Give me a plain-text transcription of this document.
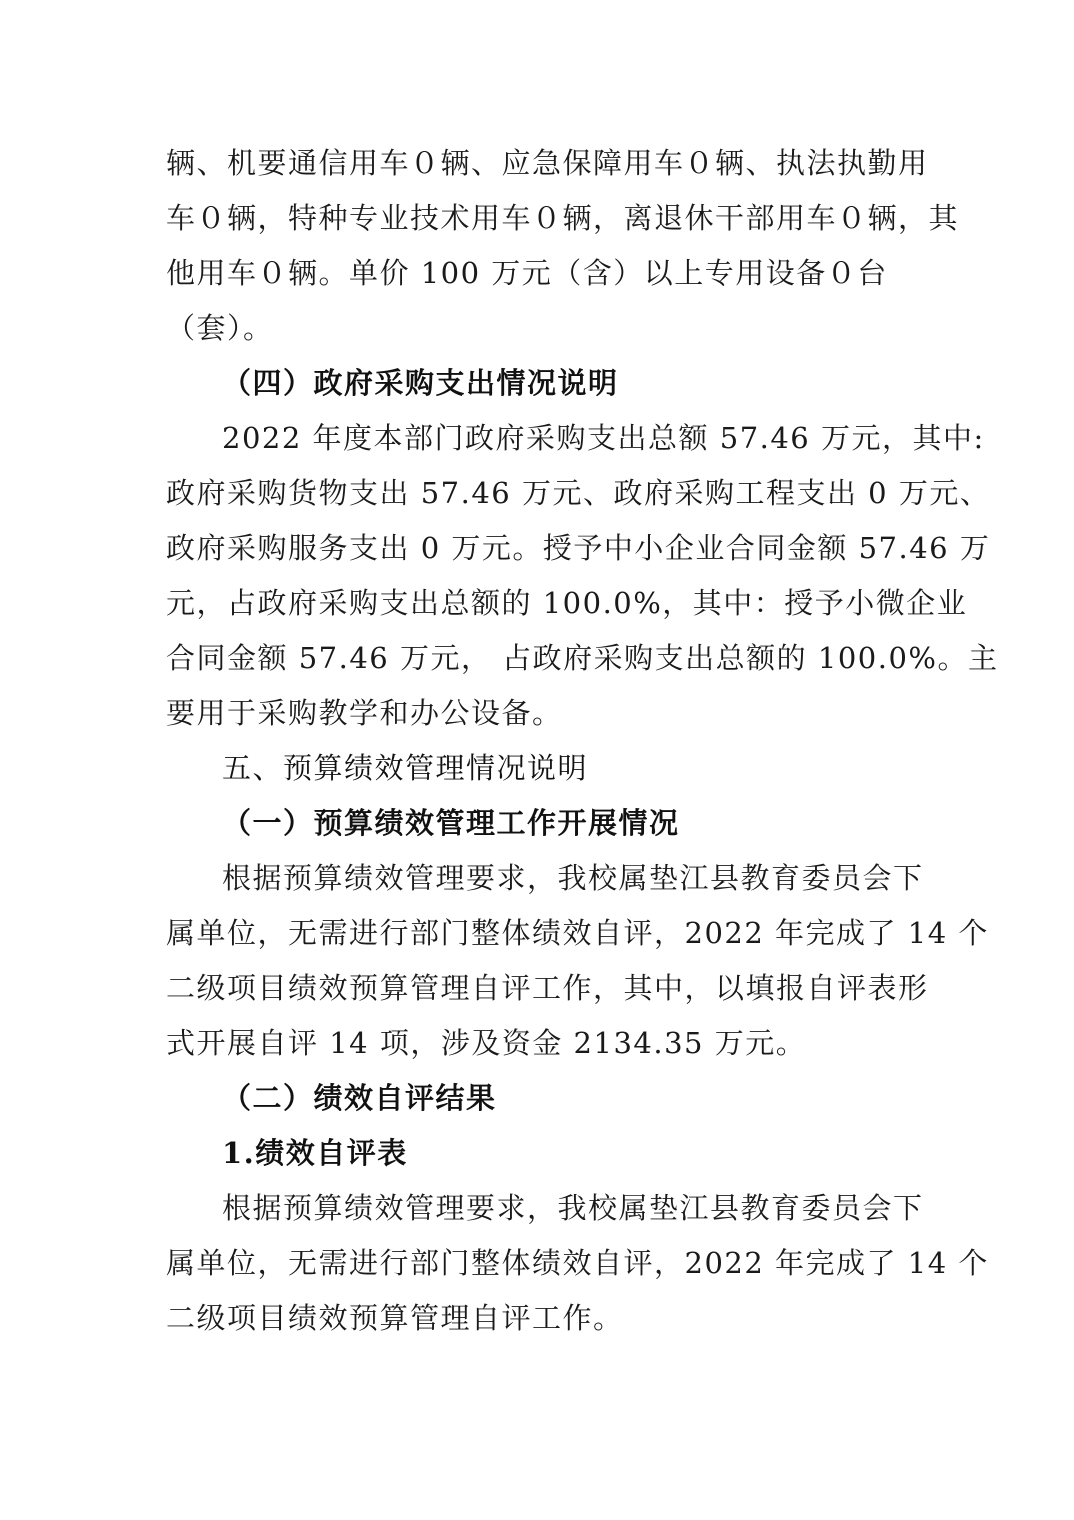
辆、机要通信用车０辆、应急保障用车０辆、执法执勤用
车０辆，特种专业技术用车０辆，离退休干部用车０辆，其
他用车０辆。单价 100 万元（含）以上专用设备０台
（套）。
（四）政府采购支出情况说明
2022 年度本部门政府采购支出总额 57.46 万元，其中:
政府采购货物支出 57.46 万元、政府采购工程支出 0 万元、
政府采购服务支出 0 万元。授予中小企业合同金额 57.46 万
元，占政府采购支出总额的 100.0%，其中：授予小微企业
合同金额 57.46 万元， 占政府采购支出总额的 100.0%。主
要用于采购教学和办公设备。
五、预算绩效管理情况说明
（一）预算绩效管理工作开展情况
根据预算绩效管理要求，我校属垫江县教育委员会下
属单位，无需进行部门整体绩效自评，2022 年完成了 14 个
二级项目绩效预算管理自评工作，其中，以填报自评表形
式开展自评 14 项，涉及资金 2134.35 万元。
（二）绩效自评结果
1.绩效自评表
根据预算绩效管理要求，我校属垫江县教育委员会下
属单位，无需进行部门整体绩效自评，2022 年完成了 14 个
二级项目绩效预算管理自评工作。
